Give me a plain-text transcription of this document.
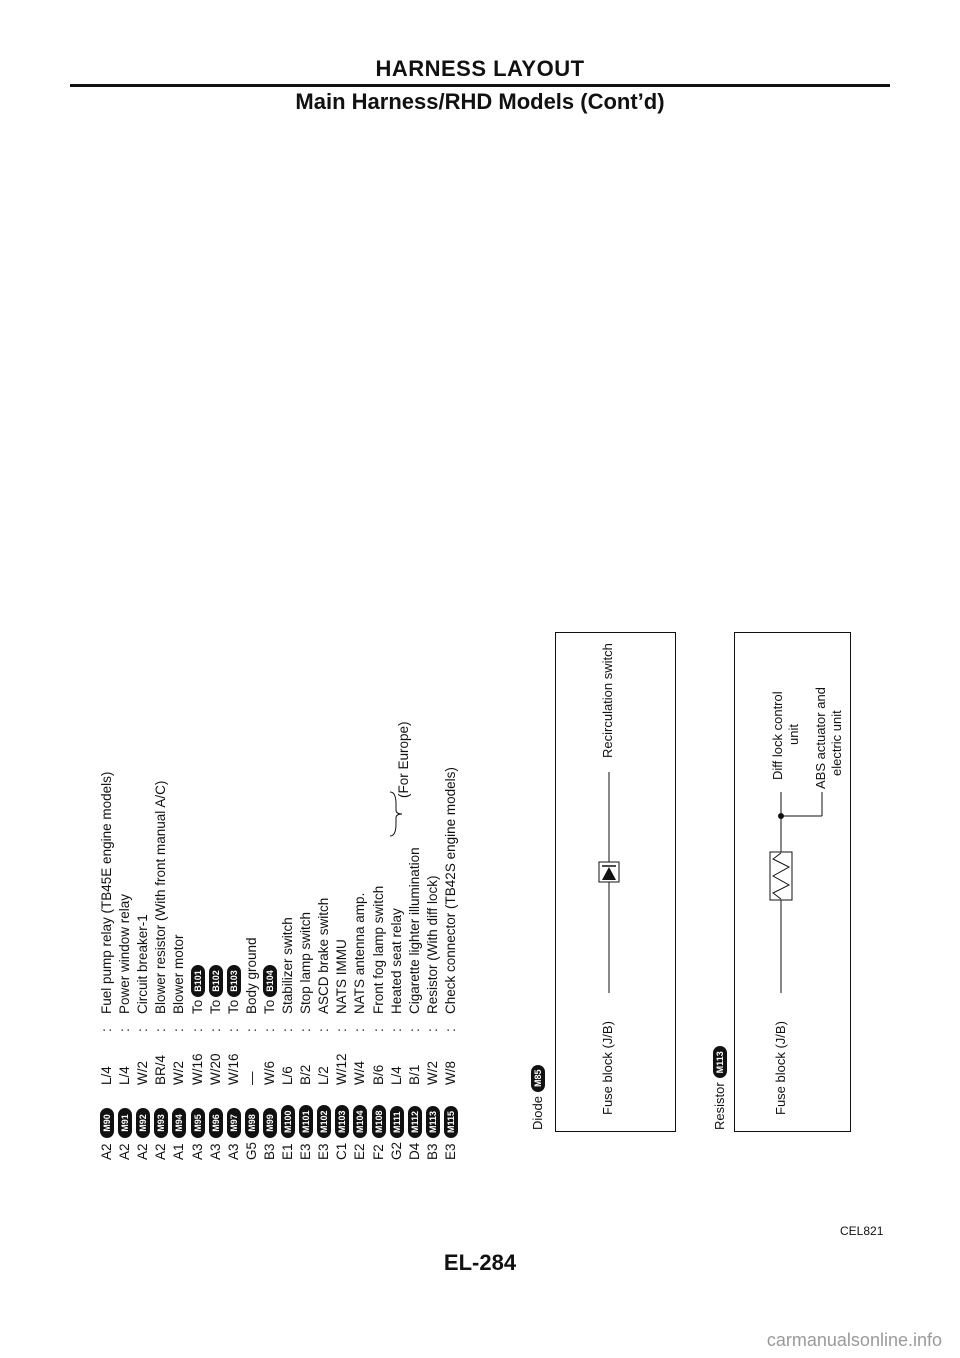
HARNESS LAYOUT
Main Harness/RHD Models (Cont’d)
(For Europe)
A2
M90
L/4
:
Fuel pump relay (TB45E engine models)
A2
M91
L/4
:
Power window relay
A2
M92
W/2
:
Circuit breaker-1
A2
M93
BR/4
:
Blower resistor (With front manual A/C)
A1
M94
W/2
:
Blower motor
A3
M95
W/16
:
ToB101
A3
M96
W/20
:
ToB102
A3
M97
W/16
:
ToB103
G5
M98
—
:
Body ground
B3
M99
W/6
:
ToB104
E1
M100
L/6
:
Stabilizer switch
E3
M101
B/2
:
Stop lamp switch
E3
M102
L/2
:
ASCD brake switch
C1
M103
W/12
:
NATS IMMU
E2
M104
W/4
:
NATS antenna amp.
F2
M108
B/6
:
Front fog lamp switch
G2
M111
L/4
:
Heated seat relay
D4
M112
B/1
:
Cigarette lighter illumination
B3
M113
W/2
:
Resistor (With diff lock)
E3
M115
W/8
:
Check connector (TB42S engine models)
DiodeM85	Fuse block (J/B)
Recirculation switch
ResistorM113	Fuse block (J/B)
Diff lock control unit ABS actuator and electric unit
CEL821
EL-284
carmanualsonline.info
